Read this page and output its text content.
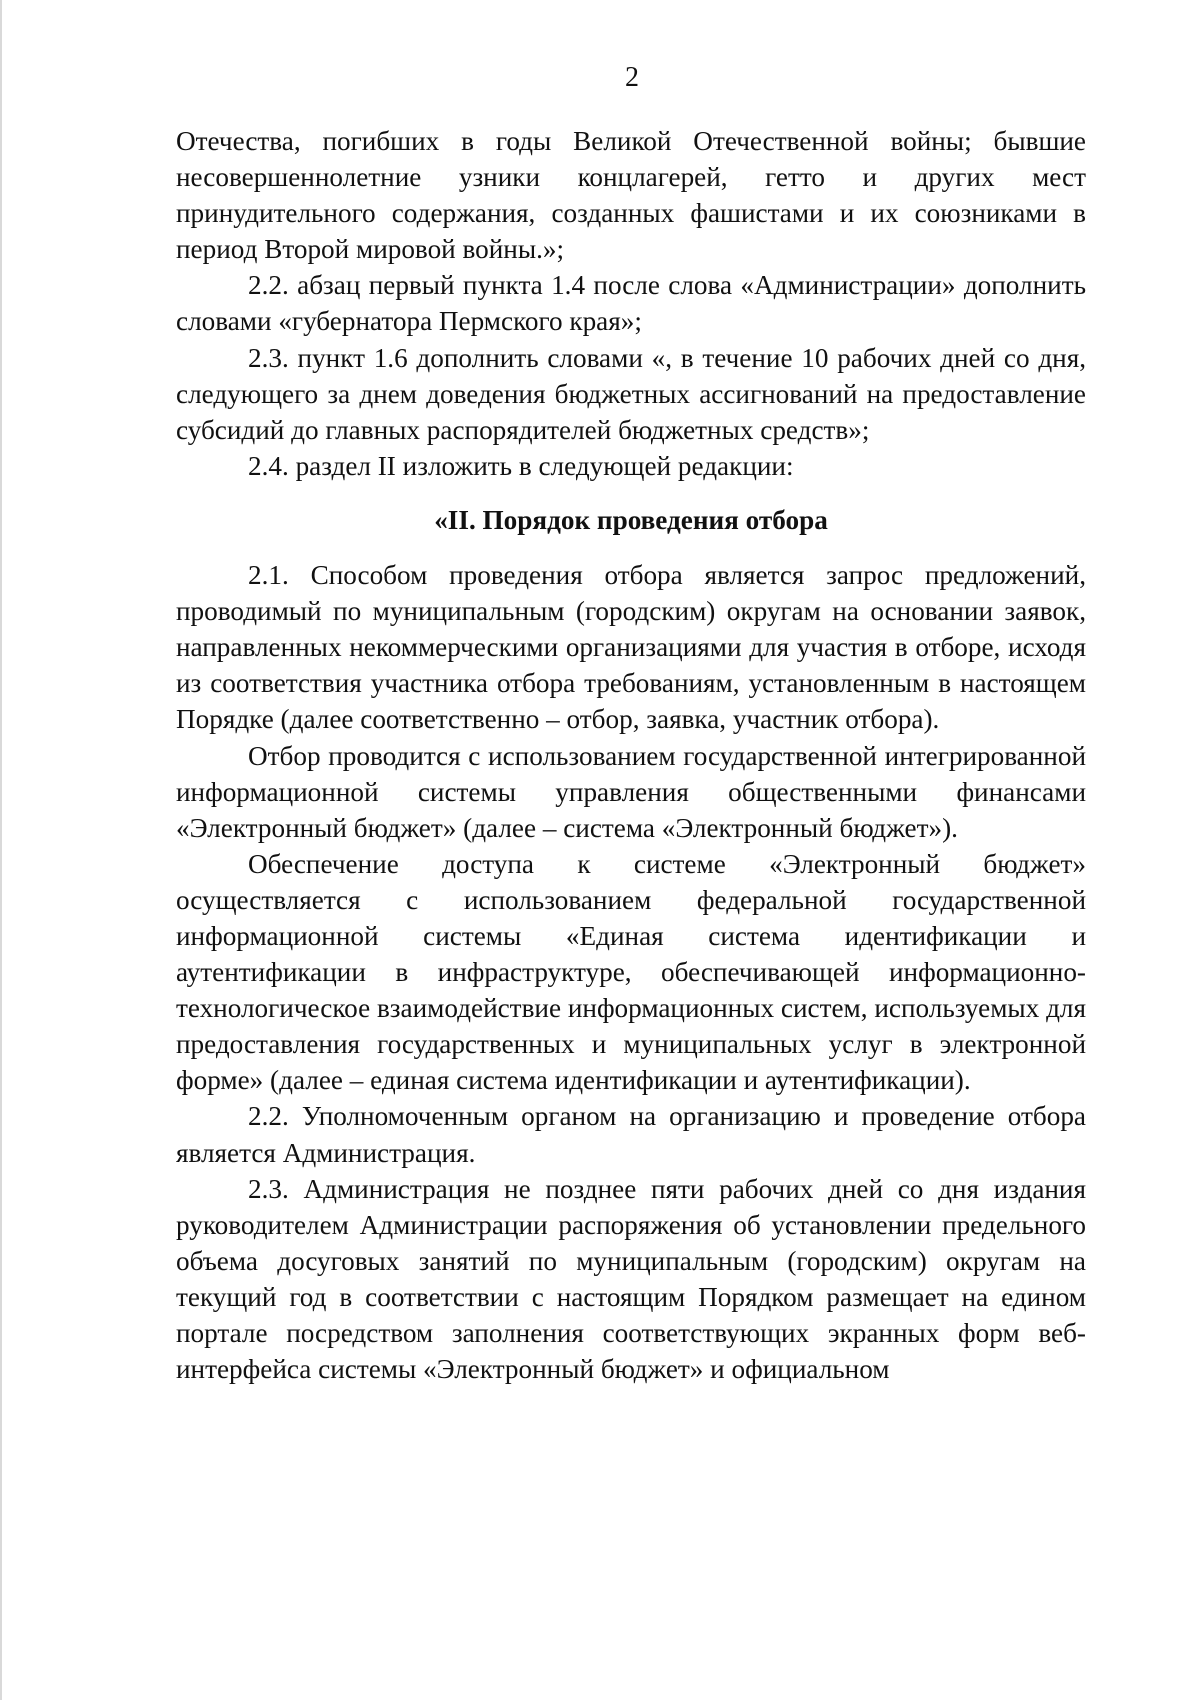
2

Отечества, погибших в годы Великой Отечественной войны; бывшие несовершеннолетние узники концлагерей, гетто и других мест принудительного содержания, созданных фашистами и их союзниками в период Второй мировой войны.»;

2.2. абзац первый пункта 1.4 после слова «Администрации» дополнить словами «губернатора Пермского края»;

2.3. пункт 1.6 дополнить словами «, в течение 10 рабочих дней со дня, следующего за днем доведения бюджетных ассигнований на предоставление субсидий до главных распорядителей бюджетных средств»;

2.4. раздел II изложить в следующей редакции:

«II. Порядок проведения отбора

2.1. Способом проведения отбора является запрос предложений, проводимый по муниципальным (городским) округам на основании заявок, направленных некоммерческими организациями для участия в отборе, исходя из соответствия участника отбора требованиям, установленным в настоящем Порядке (далее соответственно – отбор, заявка, участник отбора).

Отбор проводится с использованием государственной интегрированной информационной системы управления общественными финансами «Электронный бюджет» (далее – система «Электронный бюджет»).

Обеспечение доступа к системе «Электронный бюджет» осуществляется с использованием федеральной государственной информационной системы «Единая система идентификации и аутентификации в инфраструктуре, обеспечивающей информационно-технологическое взаимодействие информационных систем, используемых для предоставления государственных и муниципальных услуг в электронной форме» (далее – единая система идентификации и аутентификации).

2.2. Уполномоченным органом на организацию и проведение отбора является Администрация.

2.3. Администрация не позднее пяти рабочих дней со дня издания руководителем Администрации распоряжения об установлении предельного объема досуговых занятий по муниципальным (городским) округам на текущий год в соответствии с настоящим Порядком размещает на едином портале посредством заполнения соответствующих экранных форм веб-интерфейса системы «Электронный бюджет» и официальном
